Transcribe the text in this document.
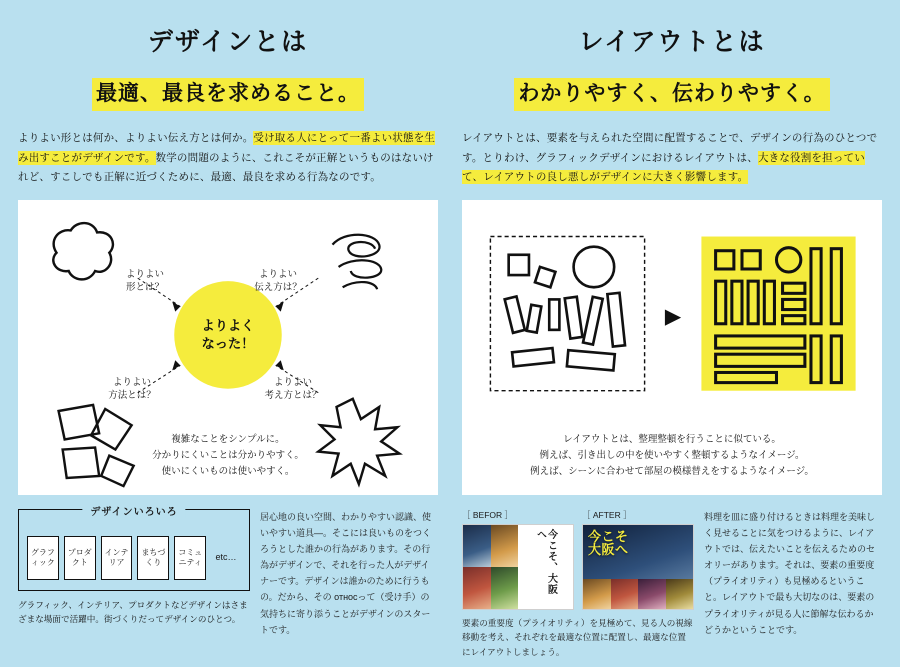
デザインとは
最適、最良を求めること。
よりよい形とは何か、よりよい伝え方とは何か。受け取る人にとって一番よい状態を生み出すことがデザインです。数学の問題のように、これこそが正解というものはないけれど、すこしでも正解に近づくために、最適、最良を求める行為なのです。
よりよく
なった！
よりよい
形とは？
よりよい
伝え方は？
よりよい
方法とは？
よりよい
考え方とは？
複雑なことをシンプルに。
分かりにくいことは分かりやすく。
使いにくいものは使いやすく。
デザインいろいろ
グラフィック
プロダクト
インテリア
まちづくり
コミュニティ
etc…
グラフィック、インテリア、プロダクトなどデザインはさまざまな場面で活躍中。街づくりだってデザインのひとつ。
居心地の良い空間、わかりやすい認識、使いやすい道具—。そこには良いものをつくろうとした誰かの行為があります。その行為がデザインで、それを行った人がデザイナーです。デザインは誰かのために行うもの。だから、その относって（受け手）の気持ちに寄り添うことがデザインのスタートです。
レイアウトとは
わかりやすく、伝わりやすく。
レイアウトとは、要素を与えられた空間に配置することで、デザインの行為のひとつです。とりわけ、グラフィックデザインにおけるレイアウトは、大きな役割を担っていて、レイアウトの良し悪しがデザインに大きく影響します。
レイアウトとは、整理整頓を行うことに似ている。
例えば、引き出しの中を使いやすく整頓するようなイメージ。
例えば、シーンに合わせて部屋の模様替えをするようなイメージ。
［ BEFOR ］
今こそ、大阪へ
［ AFTER ］
今こそ
大阪へ
要素の重要度（プライオリティ）を見極めて、見る人の視線移動を考え、それぞれを最適な位置に配置し、最適な位置にレイアウトしましょう。
料理を皿に盛り付けるときは料理を美味しく見せることに気をつけるように、レイアウトでは、伝えたいことを伝えるためのセオリーがあります。それは、要素の重要度（プライオリティ）も見極めるということ。レイアウトで最も大切なのは、要素のプライオリティが見る人に節解な伝わるかどうかということです。
